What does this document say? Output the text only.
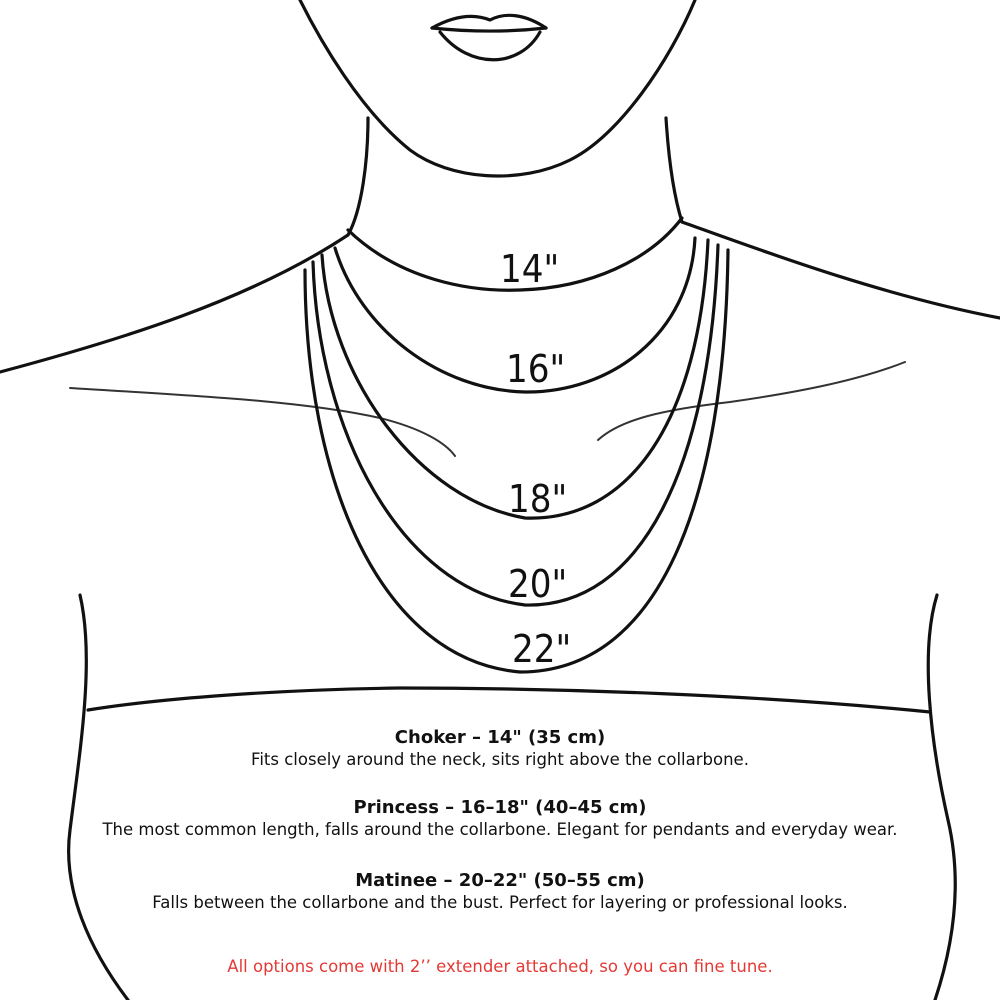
14"
16"
18"
20"
22"
Choker – 14" (35 cm)
Fits closely around the neck, sits right above the collarbone.
Princess – 16–18" (40–45 cm)
The most common length, falls around the collarbone. Elegant for pendants and everyday wear.
Matinee – 20–22" (50–55 cm)
Falls between the collarbone and the bust. Perfect for layering or professional looks.
All options come with 2’’ extender attached, so you can fine tune.
